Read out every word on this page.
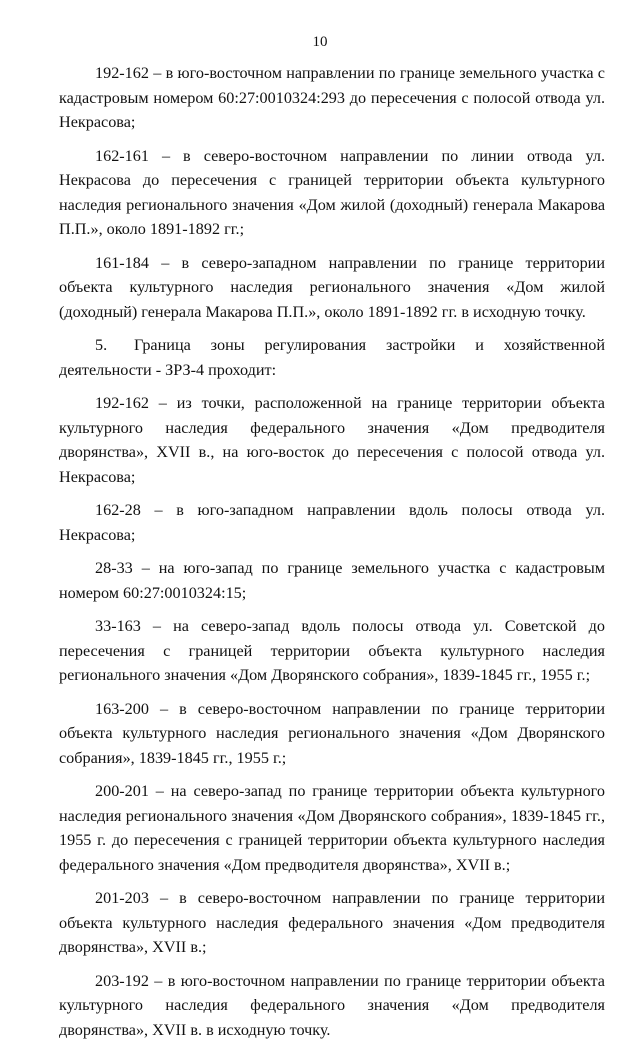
10

192-162 – в юго-восточном направлении по границе земельного участка с кадастровым номером 60:27:0010324:293 до пересечения с полосой отвода ул. Некрасова;

162-161 – в северо-восточном направлении по линии отвода ул. Некрасова до пересечения с границей территории объекта культурного наследия регионального значения «Дом жилой (доходный) генерала Макарова П.П.», около 1891-1892 гг.;

161-184 – в северо-западном направлении по границе территории объекта культурного наследия регионального значения «Дом жилой (доходный) генерала Макарова П.П.», около 1891-1892 гг. в исходную точку.

5. Граница зоны регулирования застройки и хозяйственной деятельности - ЗРЗ-4 проходит:

192-162 – из точки, расположенной на границе территории объекта культурного наследия федерального значения «Дом предводителя дворянства», XVII в., на юго-восток до пересечения с полосой отвода ул. Некрасова;

162-28 – в юго-западном направлении вдоль полосы отвода ул. Некрасова;

28-33 – на юго-запад по границе земельного участка с кадастровым номером 60:27:0010324:15;

33-163 – на северо-запад вдоль полосы отвода ул. Советской до пересечения с границей территории объекта культурного наследия регионального значения «Дом Дворянского собрания», 1839-1845 гг., 1955 г.;

163-200 – в северо-восточном направлении по границе территории объекта культурного наследия регионального значения «Дом Дворянского собрания», 1839-1845 гг., 1955 г.;

200-201 – на северо-запад по границе территории объекта культурного наследия регионального значения «Дом Дворянского собрания», 1839-1845 гг., 1955 г. до пересечения с границей территории объекта культурного наследия федерального значения «Дом предводителя дворянства», XVII в.;

201-203 – в северо-восточном направлении по границе территории объекта культурного наследия федерального значения «Дом предводителя дворянства», XVII в.;

203-192 – в юго-восточном направлении по границе территории объекта культурного наследия федерального значения «Дом предводителя дворянства», XVII в. в исходную точку.
